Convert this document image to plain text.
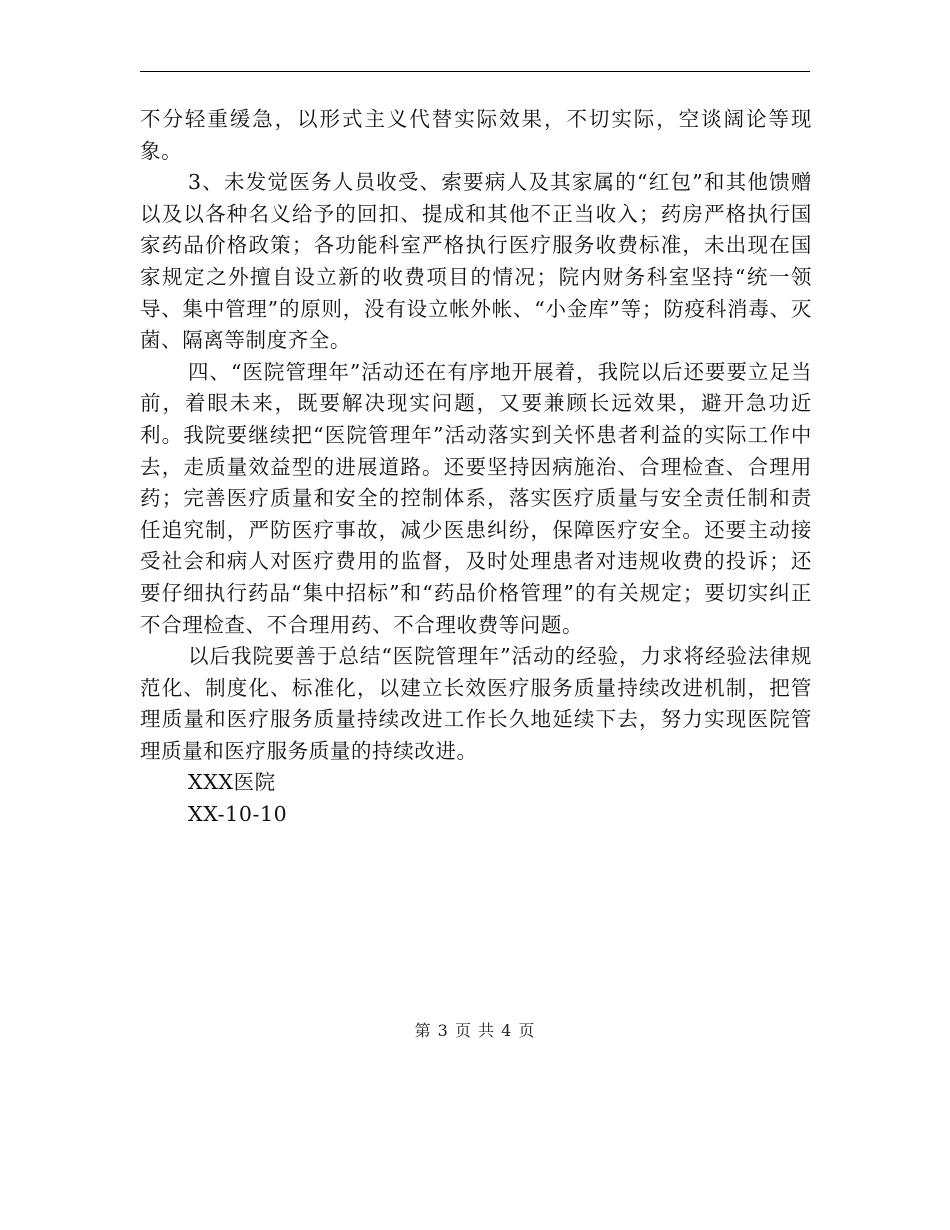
不分轻重缓急，以形式主义代替实际效果，不切实际，空谈阔论等现象。

3、未发觉医务人员收受、索要病人及其家属的“红包”和其他馈赠以及以各种名义给予的回扣、提成和其他不正当收入；药房严格执行国家药品价格政策；各功能科室严格执行医疗服务收费标准，未出现在国家规定之外擅自设立新的收费项目的情况；院内财务科室坚持“统一领导、集中管理”的原则，没有设立帐外帐、“小金库”等；防疫科消毒、灭菌、隔离等制度齐全。

四、“医院管理年”活动还在有序地开展着，我院以后还要要立足当前，着眼未来，既要解决现实问题，又要兼顾长远效果，避开急功近利。我院要继续把“医院管理年”活动落实到关怀患者利益的实际工作中去，走质量效益型的进展道路。还要坚持因病施治、合理检查、合理用药；完善医疗质量和安全的控制体系，落实医疗质量与安全责任制和责任追究制，严防医疗事故，减少医患纠纷，保障医疗安全。还要主动接受社会和病人对医疗费用的监督，及时处理患者对违规收费的投诉；还要仔细执行药品“集中招标”和“药品价格管理”的有关规定；要切实纠正不合理检查、不合理用药、不合理收费等问题。

以后我院要善于总结“医院管理年”活动的经验，力求将经验法律规范化、制度化、标准化，以建立长效医疗服务质量持续改进机制，把管理质量和医疗服务质量持续改进工作长久地延续下去，努力实现医院管理质量和医疗服务质量的持续改进。

XXX医院

XX-10-10

第 3 页 共 4 页
